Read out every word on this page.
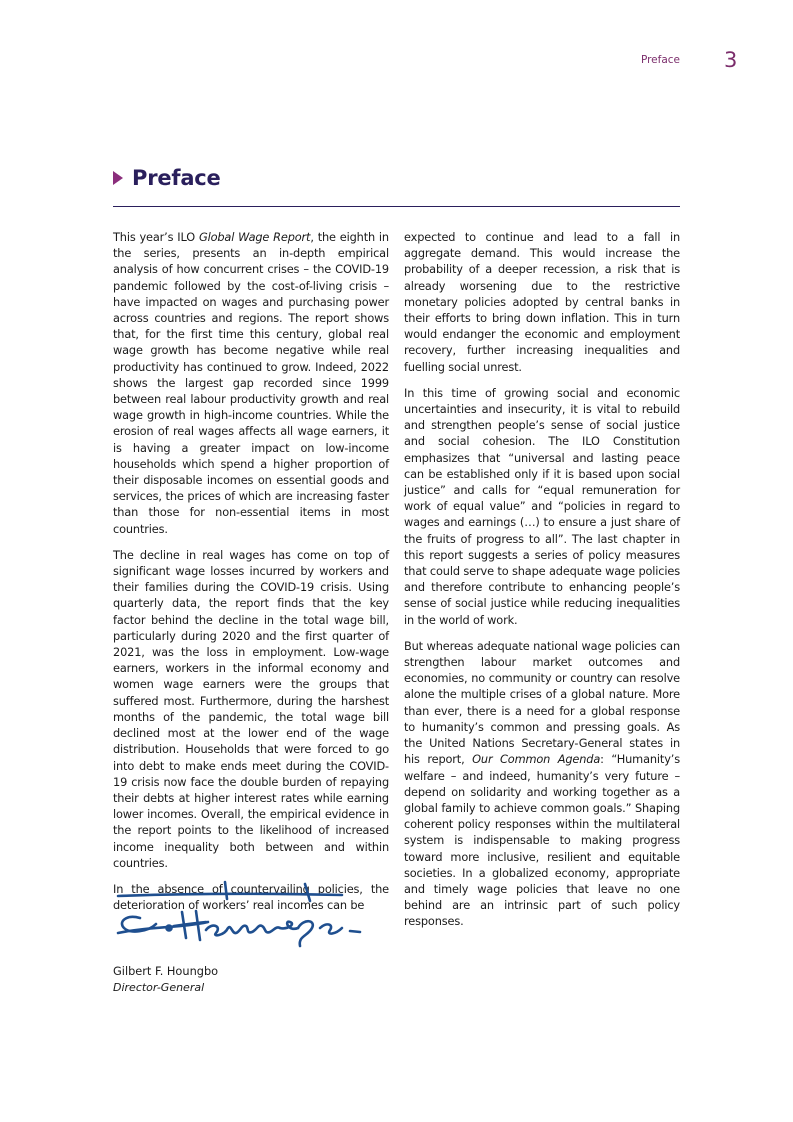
Preface 3
Preface

This year’s ILO Global Wage Report, the eighth in the series, presents an in-depth empirical analysis of how concurrent crises – the COVID-19 pandemic followed by the cost-of-living crisis – have impacted on wages and purchasing power across countries and regions. The report shows that, for the first time this century, global real wage growth has become negative while real productivity has continued to grow. Indeed, 2022 shows the largest gap recorded since 1999 between real labour productivity growth and real wage growth in high-income countries. While the erosion of real wages affects all wage earners, it is having a greater impact on low-income households which spend a higher proportion of their disposable incomes on essential goods and services, the prices of which are increasing faster than those for non-essential items in most countries.

The decline in real wages has come on top of significant wage losses incurred by workers and their families during the COVID-19 crisis. Using quarterly data, the report finds that the key factor behind the decline in the total wage bill, particularly during 2020 and the first quarter of 2021, was the loss in employment. Low-wage earners, workers in the informal economy and women wage earners were the groups that suffered most. Furthermore, during the harshest months of the pandemic, the total wage bill declined most at the lower end of the wage distribution. Households that were forced to go into debt to make ends meet during the COVID-19 crisis now face the double burden of repaying their debts at higher interest rates while earning lower incomes. Overall, the empirical evidence in the report points to the likelihood of increased income inequality both between and within countries.

In the absence of countervailing policies, the deterioration of workers’ real incomes can be

expected to continue and lead to a fall in aggregate demand. This would increase the probability of a deeper recession, a risk that is already worsening due to the restrictive monetary policies adopted by central banks in their efforts to bring down inflation. This in turn would endanger the economic and employment recovery, further increasing inequalities and fuelling social unrest.

In this time of growing social and economic uncertainties and insecurity, it is vital to rebuild and strengthen people’s sense of social justice and social cohesion. The ILO Constitution emphasizes that “universal and lasting peace can be established only if it is based upon social justice” and calls for “equal remuneration for work of equal value” and “policies in regard to wages and earnings (…) to ensure a just share of the fruits of progress to all”. The last chapter in this report suggests a series of policy measures that could serve to shape adequate wage policies and therefore contribute to enhancing people’s sense of social justice while reducing inequalities in the world of work.

But whereas adequate national wage policies can strengthen labour market outcomes and economies, no community or country can resolve alone the multiple crises of a global nature. More than ever, there is a need for a global response to humanity’s common and pressing goals. As the United Nations Secretary-General states in his report, Our Common Agenda: “Humanity’s welfare – and indeed, humanity’s very future – depend on solidarity and working together as a global family to achieve common goals.” Shaping coherent policy responses within the multilateral system is indispensable to making progress toward more inclusive, resilient and equitable societies. In a globalized economy, appropriate and timely wage policies that leave no one behind are an intrinsic part of such policy responses.

Gilbert F. Houngbo
Director-General
